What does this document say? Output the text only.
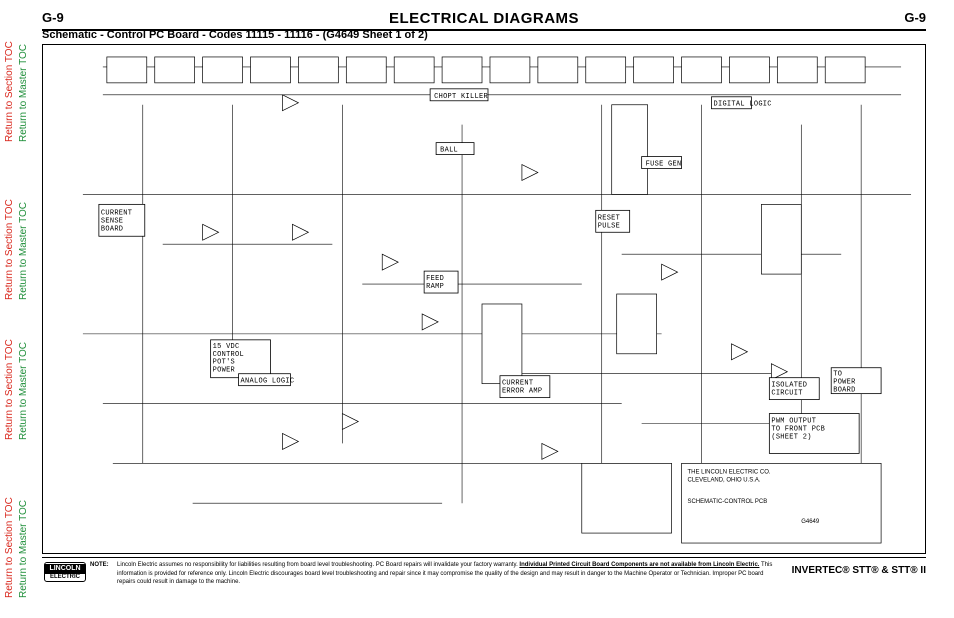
Return to Section TOC Return to Master TOC
Return to Section TOC Return to Master TOC
Return to Section TOC Return to Master TOC
Return to Section TOC Return to Master TOC
G-9	ELECTRICAL DIAGRAMS	G-9
Schematic - Control PC Board - Codes 11115 - 11116 - (G4649 Sheet 1 of 2)
CURRENT SENSE BOARD
CHOPT KILLER
BALL
FUSE GEN
DIGITAL LOGIC
RESET PULSE
FEED RAMP
15 VDC CONTROL POT'S POWER
ANALOG LOGIC	CURRENT ERROR AMP
ISOLATED CIRCUIT
TO POWER BOARD
PWM OUTPUT TO FRONT PCB (SHEET 2)
THE LINCOLN ELECTRIC CO.
CLEVELAND, OHIO U.S.A.
SCHEMATIC-CONTROL PCB
G4649
LINCOLN
ELECTRIC
NOTE: Lincoln Electric assumes no responsibility for liabilities resulting from board level troubleshooting. PC Board repairs will invalidate your factory warranty. Individual Printed Circuit Board Components are not available from Lincoln Electric. This information is provided for reference only. Lincoln Electric discourages board level troubleshooting and repair since it may compromise the quality of the design and may result in danger to the Machine Operator or Technician. Improper PC board repairs could result in damage to the machine.
INVERTEC® STT® & STT® II
